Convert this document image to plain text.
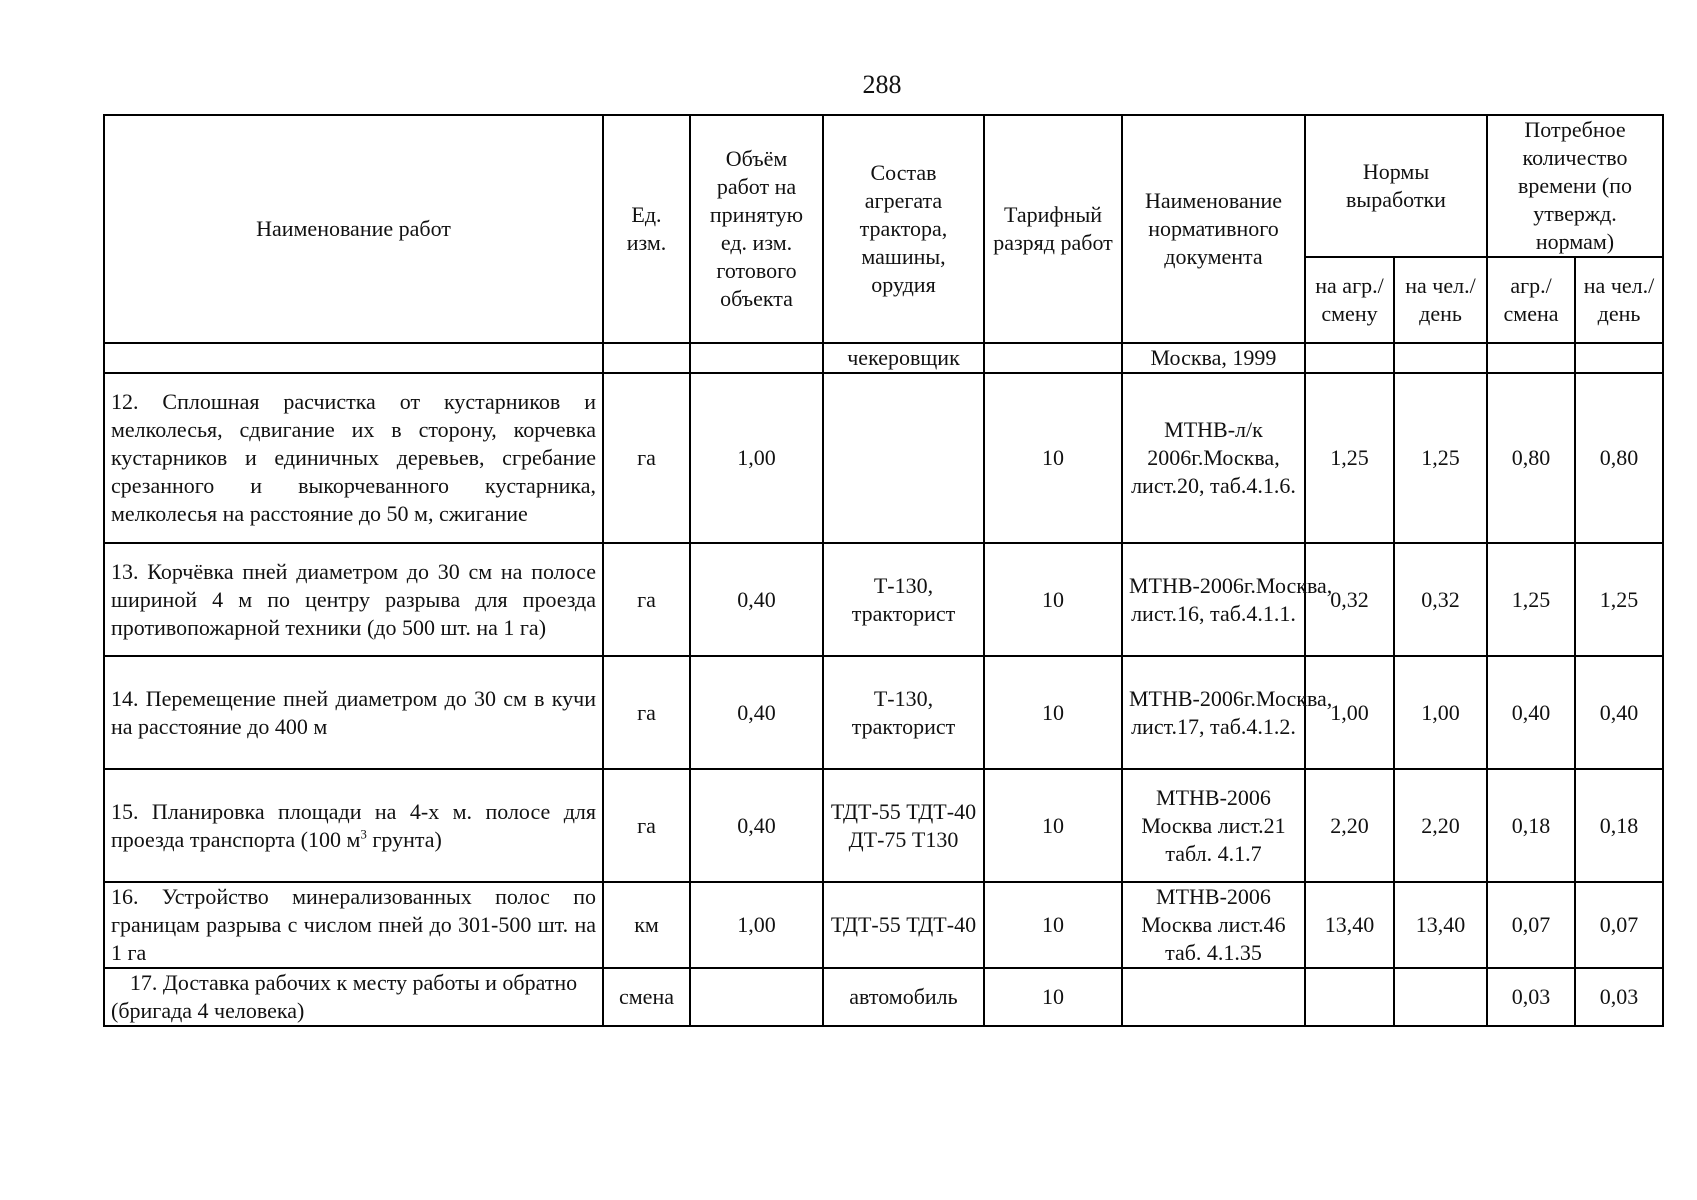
288
Наименование работ	Ед. изм.	Объём работ на принятую ед. изм. готового объекта	Состав агрегата трактора, машины, орудия	Тарифный разряд работ	Наименование нормативного документа	Нормы выработки		Потребное количество времени (по утвержд. нормам)	
						на агр./ смену	на чел./ день	агр./ смена	на чел./ день
			чекеровщик		Москва, 1999				
12. Сплошная расчистка от кустарников и мелколесья, сдвигание их в сторону, корчевка кустарников и единичных деревьев, сгребание срезанного и выкорчеванного кустарника, мелколесья на расстояние до 50 м, сжигание	га	1,00		10	МТНВ-л/к 2006г.Москва, лист.20, таб.4.1.6.	1,25	1,25	0,80	0,80
13. Корчёвка пней диаметром до 30 см на полосе шириной 4 м по центру разрыва для проезда противопожарной техники (до 500 шт. на 1 га)	га	0,40	Т-130, тракторист	10	МТНВ-2006г.Москва, лист.16, таб.4.1.1.	0,32	0,32	1,25	1,25
14. Перемещение пней диаметром до 30 см в кучи на расстояние до 400 м	га	0,40	Т-130, тракторист	10	МТНВ-2006г.Москва, лист.17, таб.4.1.2.	1,00	1,00	0,40	0,40
15. Планировка площади на 4-х м. полосе для проезда транспорта (100 $м^3$ грунта)	га	0,40	ТДТ-55 ТДТ-40 ДТ-75 Т130	10	МТНВ-2006 Москва лист.21 табл. 4.1.7	2,20	2,20	0,18	0,18
16. Устройство минерализованных полос по границам разрыва с числом пней до 301-500 шт. на 1 га	км	1,00	ТДТ-55 ТДТ-40	10	МТНВ-2006 Москва лист.46 таб. 4.1.35	13,40	13,40	0,07	0,07
17. Доставка рабочих к месту работы и обратно (бригада 4 человека)	смена		автомобиль	10				0,03	0,03
